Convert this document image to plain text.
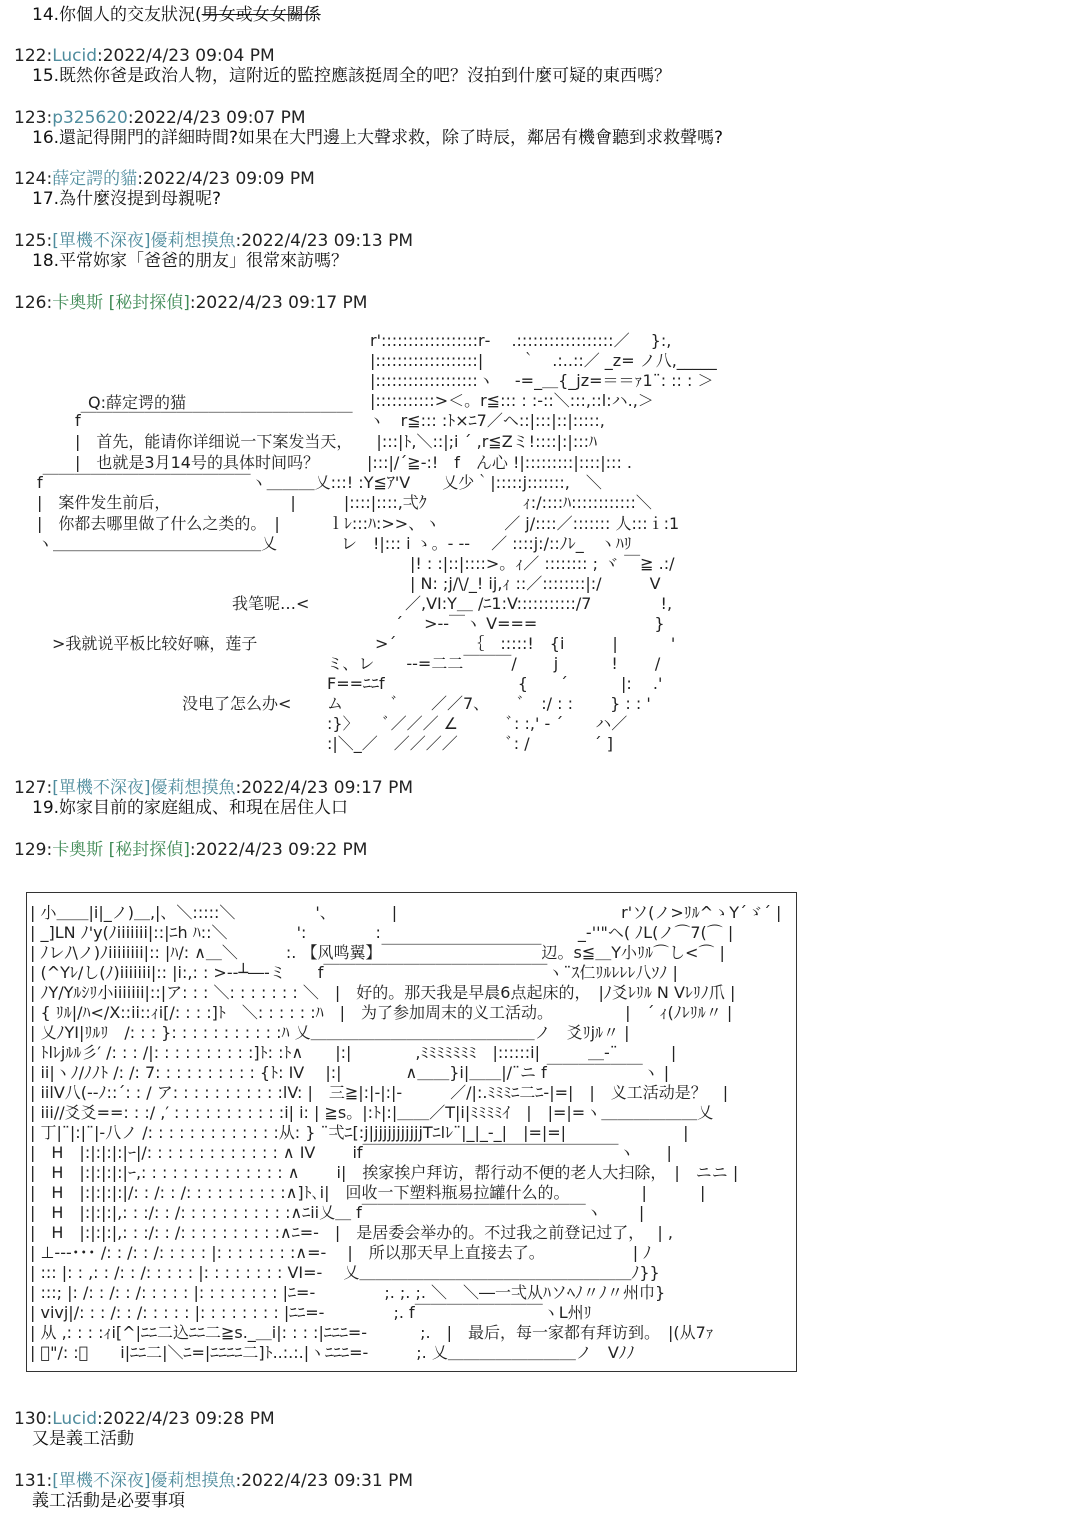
14.你個人的交友狀況(男女或女女關係
122:Lucid:2022/4/23 09:04 PM
15.既然你爸是政治人物，這附近的監控應該挺周全的吧？沒拍到什麼可疑的東西嗎？
123:p325620:2022/4/23 09:07 PM
16.還記得開門的詳細時間?如果在大門邊上大聲求救，除了時辰，鄰居有機會聽到求救聲嗎?
124:薛定諤的貓:2022/4/23 09:09 PM
17.為什麼沒提到母親呢?
125:[單機不深夜]優莉想摸魚:2022/4/23 09:13 PM
18.平常妳家「爸爸的朋友」很常來訪嗎？
126:卡奧斯 [秘封探偵]:2022/4/23 09:17 PM
r'::::::::::::::::::r‐　 .::::::::::::::::::／　 }:,
|:::::::::::::::::::|　　 ｀　.:..::／ _z= ノ八,_____
|:::::::::::::::::::ヽ　 ‐=_＿{_jz=＝＝ｧ1¨: :: : ＞
|:::::::::::>＜。r≦::: : :‐::＼:::,::l:ハ.,＞
Q:薛定谔的猫
f￣￣￣￣￣￣￣￣￣￣￣￣￣￣￣￣￣　ヽ　r≦::: :ﾄ×ﾆ7／ヘ::|:::|::|:::::,
|　首先，能请你详细说一下案发当天，　　|:::|ﾄ,＼::|;i ´ ,r≦Zミ!::::|:|:::ﾊ
|　也就是3月14号的具体时间吗？　　　|:::|/´≧-:!　f　ん心 !|:::::::::|::::|::: .
f￣￣￣￣￣￣￣￣￣￣￣￣￣ヽ＿＿＿乂:::! :Y≦ｱ'V　　乂少｀|:::::j:::::::,　＼
|　案件发生前后，　　　　　　　　|　　　|::::|::::,弌ｸ　　　　　　ｨ:/::::ﾊ::::::::::::＼
|　你都去哪里做了什么之类的。　|　　　ｌﾚ:::ﾊ:>>、ヽ　　　　／ j/::::／::::::: 人:::ｉ:1
ヽ＿＿＿＿＿＿＿＿＿＿＿＿＿乂　　　　レ　!|::: i ゝ。- ‐‐　 ／ ::::j:/::ﾉﾚ_　ヽﾊﾘ
|! : :|::|::::>。ｨ／ :::::::: ; ヾ ￣≧ .:/
| N: ;j/\/_! ij,ｨ ::／::::::::|:/　　　V
我笔呢…<	／,VI:Y＿ /ﾆ1:V:::::::::::/7　　　　 !,
´　 >-‐￣ヽ V===　　　　　　　 }
>我就说平板比较好嘛，莲子	>´　　　　　｛　:::::!　{i　　　|　　　 '
ミ、レ　　‐‐=二二￣￣￣/　　 j　　　 !　　 /
F==ﾆﾆf　　　　　　　　 {　　´　　　 |:　 .'
没电了怎么办< ム　　　ﾞ　　／／7、　　 ﾞ　:/ : :　　 } : : '
:}〉　　ﾞ／／／ ∠　　　ﾞ: :,' ‐ ´　　ハ／
:|＼_／　／／／／　　　ﾞ: /　　　　´ ]
127:[單機不深夜]優莉想摸魚:2022/4/23 09:17 PM
19.妳家目前的家庭組成、和現在居住人口
129:卡奧斯 [秘封探偵]:2022/4/23 09:22 PM
| 小＿＿|i|_ノ)＿,|、＼:::::＼　　　　　'、　　　　|　　　　　　　　　　　　　　r'ソ(ノ>ﾘﾙ^ゝY´ゞ´ |
| _]LN ﾉ'y(ﾉiiiiiii|::|ﾆh ﾊ::＼　　　　 ':　　　　 :　　　　　　　　　　　　 _‐''"ヘ( ﾉL(ノ⌒7(⌒ |
| ﾉレﾉ\ノ)ﾉiiiiiiii|:: |ﾊ/: ∧＿＼　　　:. 【风鸣翼】￣￣￣￣￣￣￣￣￣￣辺。s≦＿Y小ﾘﾙ⌒し<⌒ |
| (^Yﾚ/し(ﾉ)iiiiiii|:: |i:,: : >-‐┴―‐ミ　　f￣￣￣￣￣￣￣￣￣￣￣￣￣￣ヽ¨ｽ仁ﾘﾙﾚﾚﾚ八ｿﾉ |
| ﾉY/Yﾙｼﾘ小iiiiiii|::|ア: : : ＼: : : : : : : ＼　|　好的。那天我是早晨6点起床的，　|ﾉ爻ﾚﾘﾙ N Vﾚﾘﾉ爪 |
| { ﾘﾙ|/ﾊ</X::ii::ｨi[/: : : :]ﾄ　＼: : : : : :ﾊ　|　为了参加周末的义工活动。　　　　　|　´ ｨ(ﾉﾚﾘﾙ〃 |
| 乂ﾉYI|ﾘﾙﾘ　/: : : }: : : : : : : : : : :ﾊ 乂＿＿＿＿＿＿＿＿＿＿＿＿＿＿ノ　爻ﾘjﾙ〃 |
| ﾄlﾚjﾙﾙ彡′ /: : : /|: : : : : : : : : :]ﾄ: :ﾄ∧　　|:|　　　　,ﾐﾐﾐﾐﾐﾐﾐ　|::::::i|　　　＿-¨　　　 |
| ii|ヽﾉ/ﾉﾉﾄ /: /: 7: : : : : : : : : : {ﾄ: IV　 |:|　　　　∧＿＿}i|＿＿|/¨ニ f￣￣￣￣￣￣ヽ |
| iilV八(‐‐ﾉ::´: : / ア: : : : : : : : : : :lV: |　三≧|:|‐|:|‐　　　／/|:.ﾐﾐﾐﾆ二ﾆ‐|=|　|　义工活动是？　|
| iii//爻爻==: : :/ ,′ : : : : : : : : : : :i| i: | ≧s。|:ﾄ|:|＿＿／T|i|ﾐﾐﾐﾐｲ　|　|=|=ヽ＿＿＿＿＿＿乂
| 丁|¨|:|¨|‐八ノ /: : : : : : : : : : : : :从: } ¨弌ﾆ[:j|jjjjjjjjjjjTﾆlﾚ¨|_|_-_|　|=|=|　　　　　　　 |
|　H　|:|:|:|:|ｰ|/: : : : : : : : : : : : : ∧ IV　　 if￣￣￣￣￣￣￣￣￣￣￣￣￣￣￣￣ヽ　　|
|　H　|:|:|:|:|ｰ,: : : : : : : : : : : : : : ∧　　 i|　挨家挨户拜访，帮行动不便的老人大扫除，　|　ニニ |
|　H　|:|:|:|:|/: : /: : /: : : : : : : : : :∧]ﾄ､i|　回收一下塑料瓶易拉罐什么的。　　　　　|　　　 |
|　H　|:|:|:|,: : :/: : /: : : : : : : : : : :∧ﾆii乂＿ f￣￣￣￣￣￣￣￣￣￣￣￣￣￣ヽ　　 |
|　H　|:|:|:|,: : :/: : /: : : : : : : : : :∧ﾆ=‐　|　是居委会举办的。不过我之前登记过了，　 | ,
| ⊥‐‐‐･･･ /: : /: : /: : : : : |: : : : : : : :∧=‐　 |　所以那天早上直接去了。　　　　　　| ﾉ
| ::: |: : ,: : /: : /: : : : : |: : : : : : : : VI=‐　 乂＿＿＿＿＿＿＿＿＿＿＿＿＿＿＿＿＿ﾉ}}
| :::; |: /: : /: : /: : : : : |: : : : : : : : |ﾆ=‐　　　　 ;. ;. ;. ＼　＼―一弌从ﾊソﾍﾉ〃ﾉ〃州巾}
| vivj|/: : : /: : /: : : : : |: : : : : : : : |ﾆﾆ=‐　　　　 ;. f￣￣￣￣￣￣￣￣ヽL州ﾘ
| 从 ,: : : :ｨi[^|ﾆﾆ二込ﾆﾆ二≧s._＿i|: : : :|ﾆﾆﾆ=‐　　　 ;.　|　最后，每一家都有拜访到。　|(从7ｧ
| ﾞ"/: :／　　i|ﾆﾆ二|＼ﾆ=|ﾆﾆﾆﾆ二]ﾄ..:.:.|ヽﾆﾆﾆ=‐　　　;. 乂＿＿＿＿＿＿＿＿ノ　Vﾉﾉ
130:Lucid:2022/4/23 09:28 PM
又是義工活動
131:[單機不深夜]優莉想摸魚:2022/4/23 09:31 PM
義工活動是必要事項
